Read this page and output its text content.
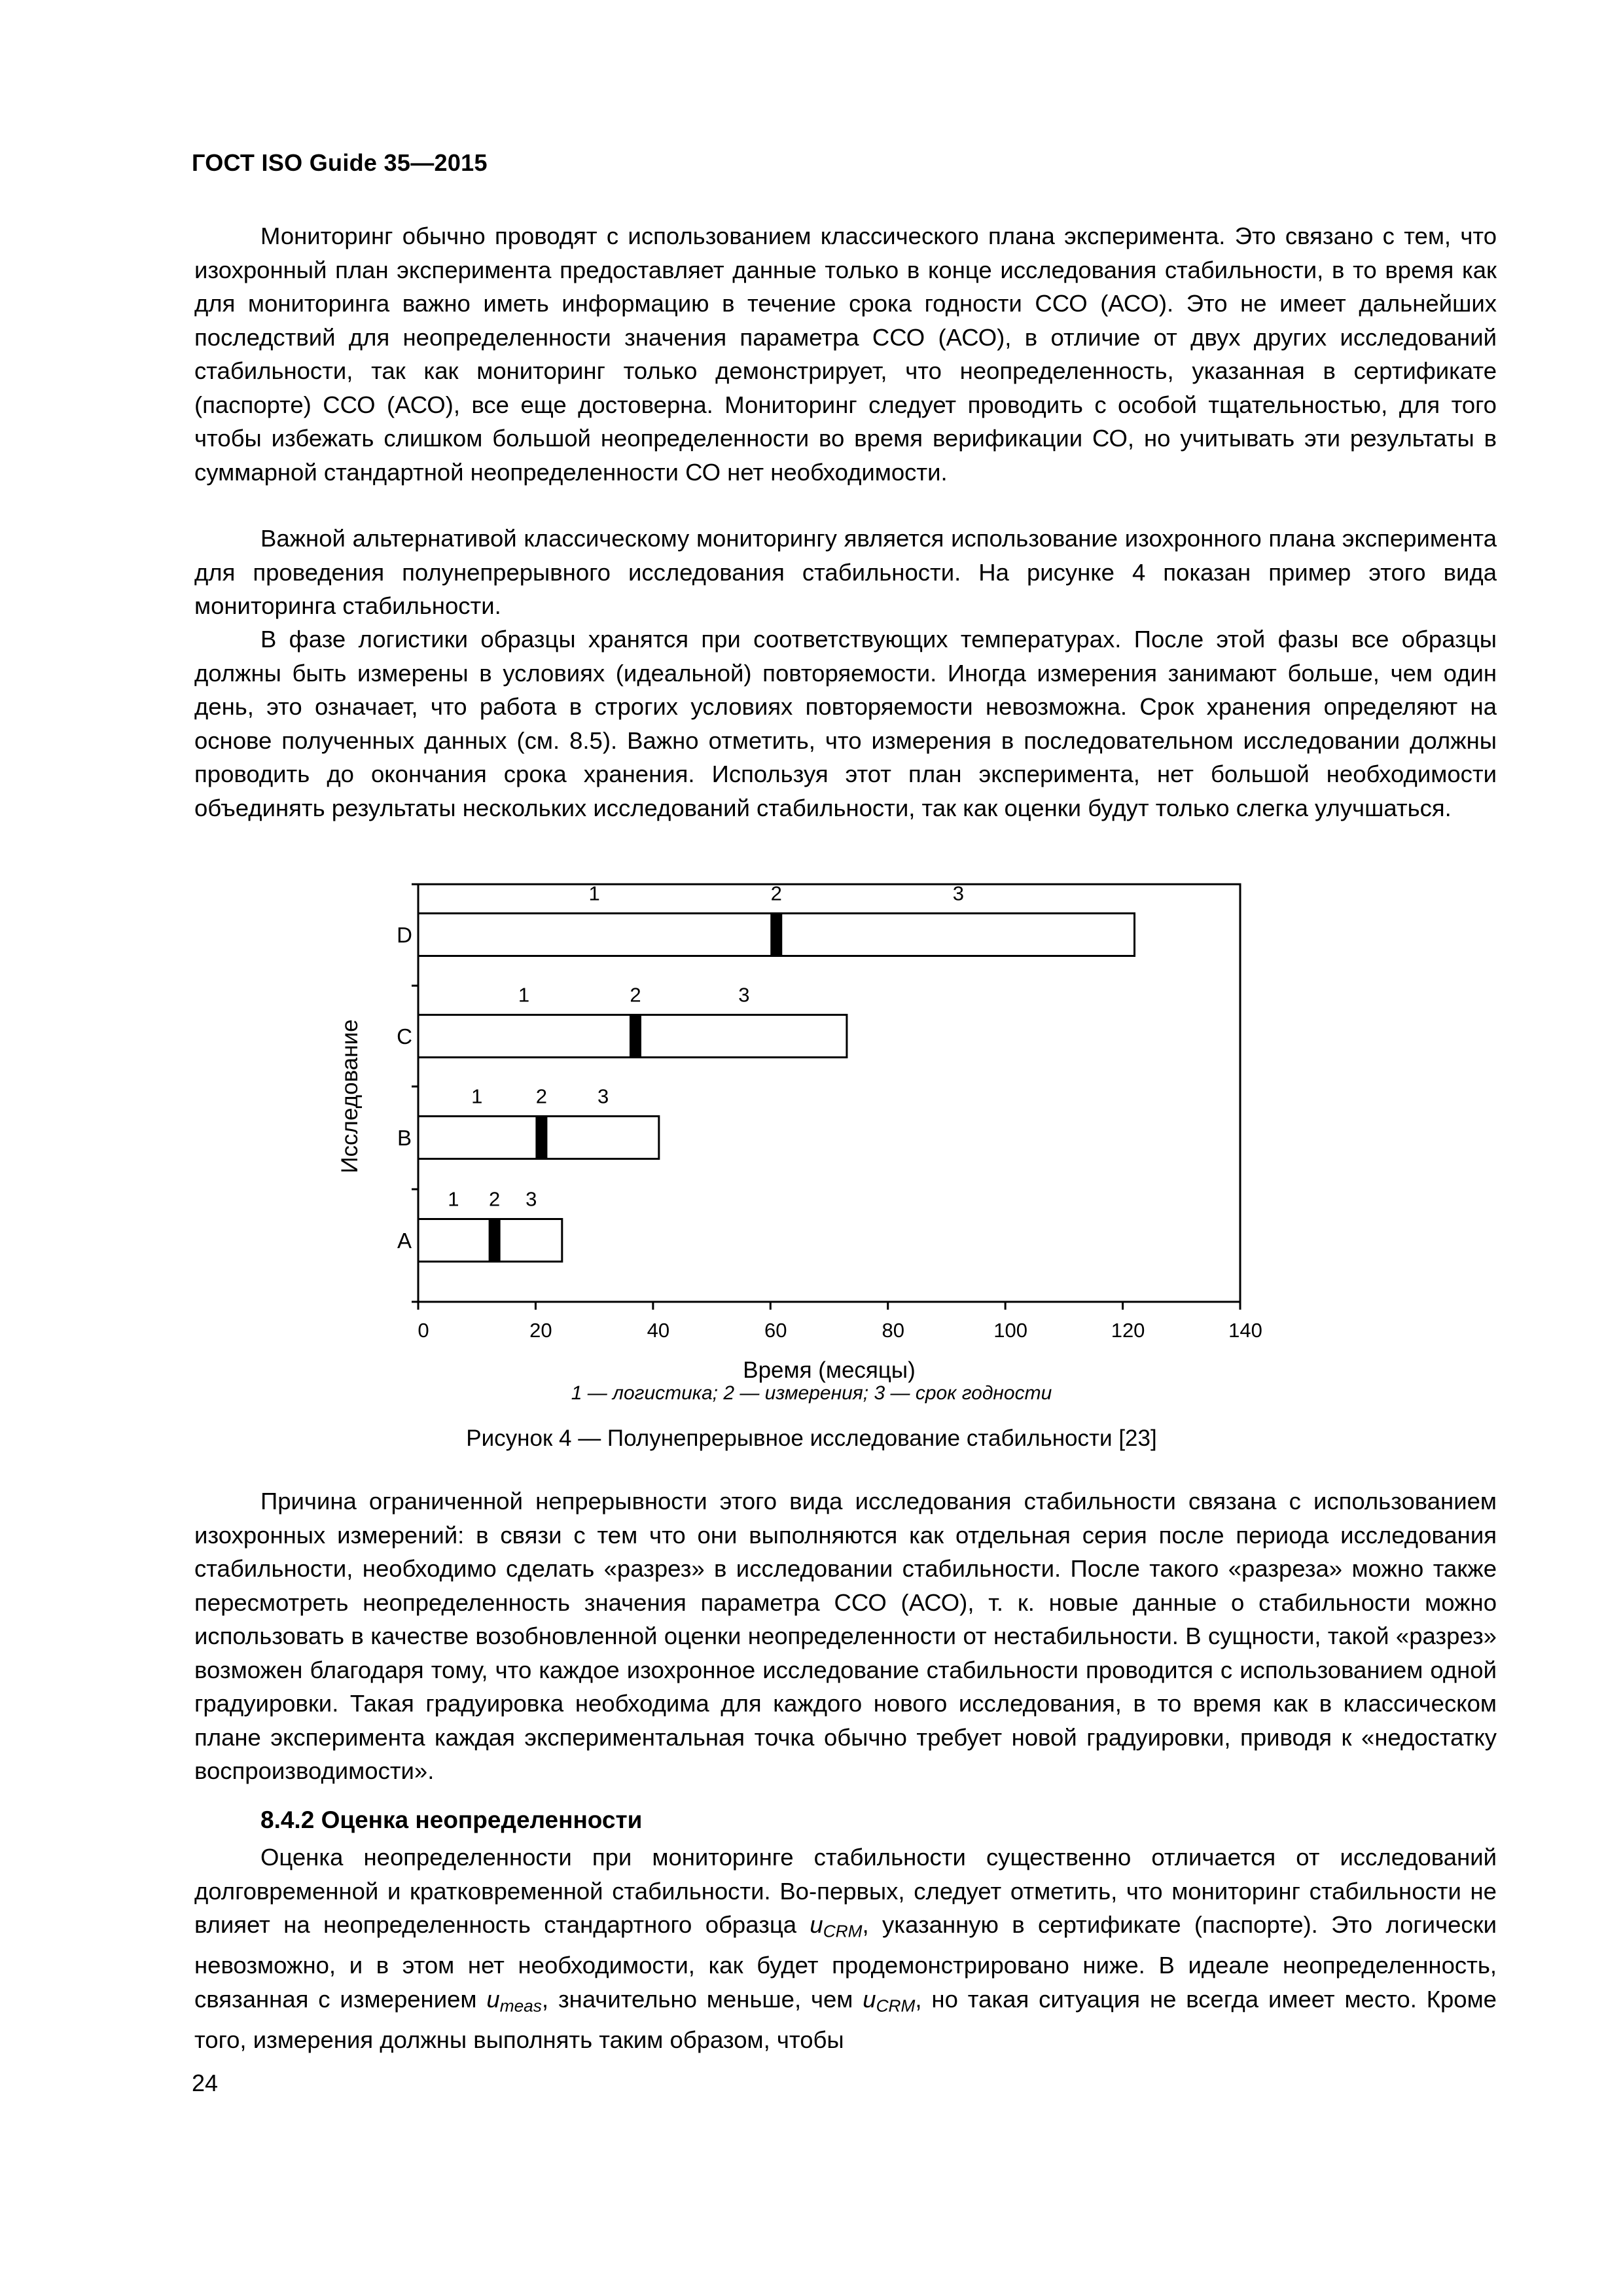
ГОСТ ISO Guide 35—2015

Мониторинг обычно проводят с использованием классического плана эксперимента. Это связано с тем, что изохронный план эксперимента предоставляет данные только в конце исследования стабильности, в то время как для мониторинга важно иметь информацию в течение срока годности ССО (АСО). Это не имеет дальнейших последствий для неопределенности значения параметра ССО (АСО), в отличие от двух других исследований стабильности, так как мониторинг только демонстрирует, что неопределенность, указанная в сертификате (паспорте) ССО (АСО), все еще достоверна. Мониторинг следует проводить с особой тщательностью, для того чтобы избежать слишком большой неопределенности во время верификации СО, но учитывать эти результаты в суммарной стандартной неопределенности СО нет необходимости.

Важной альтернативой классическому мониторингу является использование изохронного плана эксперимента для проведения полунепрерывного исследования стабильности. На рисунке 4 показан пример этого вида мониторинга стабильности.

В фазе логистики образцы хранятся при соответствующих температурах. После этой фазы все образцы должны быть измерены в условиях (идеальной) повторяемости. Иногда измерения занимают больше, чем один день, это означает, что работа в строгих условиях повторяемости невозможна. Срок хранения определяют на основе полученных данных (см. 8.5). Важно отметить, что измерения в последовательном исследовании должны проводить до окончания срока хранения. Используя этот план эксперимента, нет большой необходимости объединять результаты нескольких исследований стабильности, так как оценки будут только слегка улучшаться.

Исследование
Время (месяцы)
A
1 2 3
B
1	2 3
C
1	2	3
D
1	2	3
0	20	40	60	80	100	120	140
1 — логистика; 2 — измерения; 3 — срок годности
Рисунок 4 — Полунепрерывное исследование стабильности [23]

Причина ограниченной непрерывности этого вида исследования стабильности связана с использованием изохронных измерений: в связи с тем что они выполняются как отдельная серия после периода исследования стабильности, необходимо сделать «разрез» в исследовании стабильности. После такого «разреза» можно также пересмотреть неопределенность значения параметра ССО (АСО), т. к. новые данные о стабильности можно использовать в качестве возобновленной оценки неопределенности от нестабильности. В сущности, такой «разрез» возможен благодаря тому, что каждое изохронное исследование стабильности проводится с использованием одной градуировки. Такая градуировка необходима для каждого нового исследования, в то время как в классическом плане эксперимента каждая экспериментальная точка обычно требует новой градуировки, приводя к «недостатку воспроизводимости».

8.4.2 Оценка неопределенности

Оценка неопределенности при мониторинге стабильности существенно отличается от исследований долговременной и кратковременной стабильности. Во-первых, следует отметить, что мониторинг стабильности не влияет на неопределенность стандартного образца $u_{CRM}$, указанную в сертификате (паспорте). Это логически невозможно, и в этом нет необходимости, как будет продемонстрировано ниже. В идеале неопределенность, связанная с измерением $u_{meas}$, значительно меньше, чем $u_{CRM}$, но такая ситуация не всегда имеет место. Кроме того, измерения должны выполнять таким образом, чтобы

24
